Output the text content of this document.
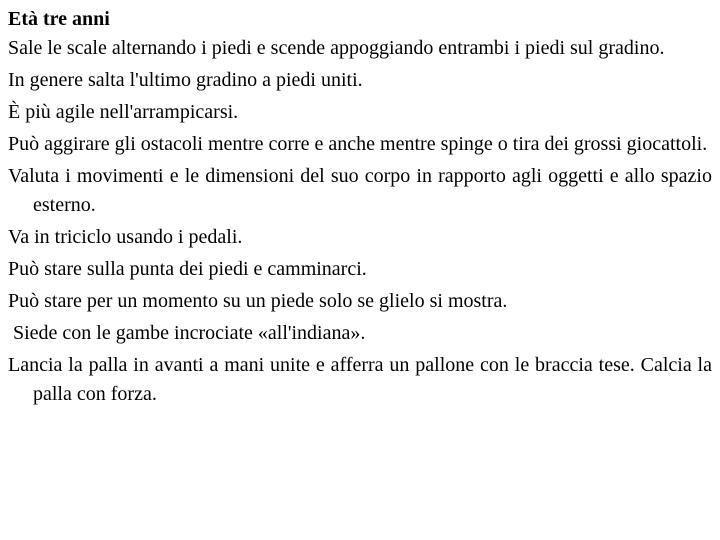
Età tre anni
Sale le scale alternando i piedi e scende appoggiando entrambi i piedi sul gradino.
In genere salta l'ultimo gradino a piedi uniti.
È più agile nell'arrampicarsi.
Può aggirare gli ostacoli mentre corre e anche mentre spinge o tira dei grossi giocattoli.
Valuta i movimenti e le dimensioni del suo corpo in rapporto agli oggetti e allo spazio esterno.
Va in triciclo usando i pedali.
Può stare sulla punta dei piedi e camminarci.
Può stare per un momento su un piede solo se glielo si mostra.
Siede con le gambe incrociate «all'indiana».
Lancia la palla in avanti a mani unite e afferra un pallone con le braccia tese. Calcia la palla con forza.
